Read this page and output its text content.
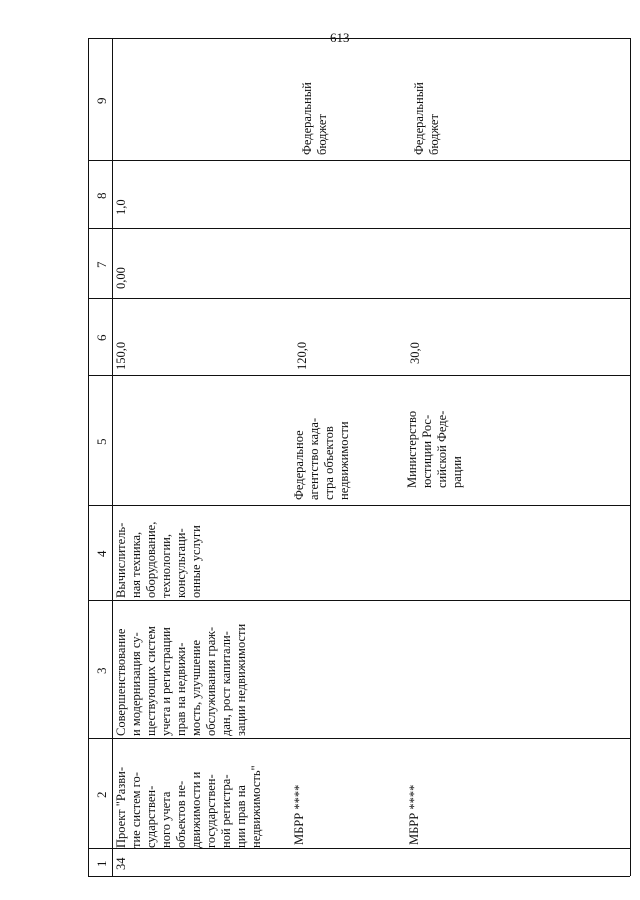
613
1
2
3
4
5
6
7
8
9
34
Проект "Разви- тие систем го- сударствен- ного учета объектов не- движимости и государствен- ной регистра- ции прав на недвижимость"
Совершенствование и модернизация су- ществующих систем учета и регистрации прав на недвижи- мость, улучшение обслуживания граж- дан, рост капитали- зации недвижимости
Вычислитель- ная техника, оборудование, технологии, консультаци- онные услуги
150,0
0,00
1,0
МБРР ****
Федеральное агентство када- стра объектов недвижимости
120,0
Федеральный бюджет
МБРР ****
Министерство юстиции Рос- сийской Феде- рации
30,0
Федеральный бюджет
